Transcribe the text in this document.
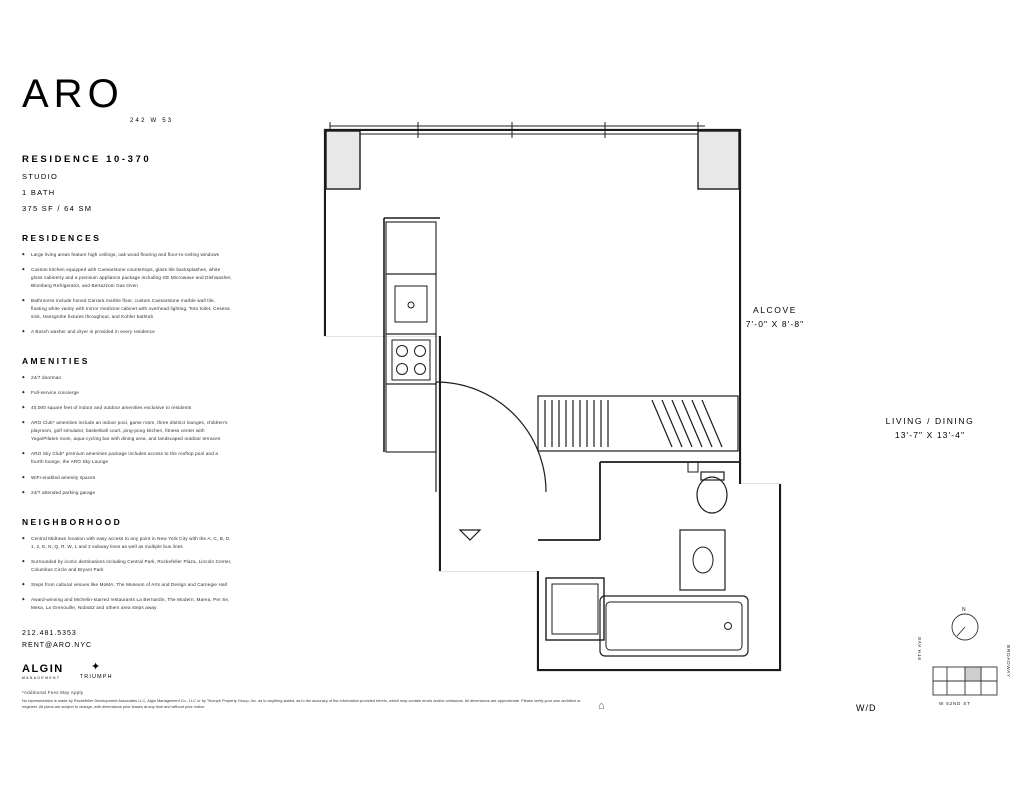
ARO
242 W 53
RESIDENCE 10-370
STUDIO
1 BATH
375 SF / 64 SM
RESIDENCES
◆ Large living areas feature high ceilings, oak wood flooring and floor-to-ceiling windows
◆ Custom kitchen equipped with Caesarstone countertops, glass tile backsplashes, white gloss cabinetry and a premium appliance package including GE Microwave and Dishwasher, Blomberg Refrigerator, and Bertazzoni Gas Oven
◆ Bathrooms include honed Carrara marble floor, custom Caesarstone marble wall tile, floating white vanity with mirror medicine cabinet with overhead lighting, Toto toilet, Cesena sink, Hansgrohe fixtures throughout, and Kohler bathtub
◆ A Bosch washer and dryer is provided in every residence
AMENITIES
◆ 24/7 doorman
◆ Full-service concierge
◆ 40,000 square feet of indoor and outdoor amenities exclusive to residents
◆ ARO Club* amenities include an indoor pool, game room, three distinct lounges, children's playroom, golf simulator, basketball court, ping-pong kitchen, fitness center with Yoga/Pilates room, aqua-cycling bar with dining area, and landscaped outdoor terraces
◆ ARO Sky Club* premium amenities package includes access to the rooftop pool and a fourth lounge, the ARO Sky Lounge
◆ WiFi-enabled amenity spaces
◆ 24/7 attended parking garage
NEIGHBORHOOD
◆ Central Midtown location with easy access to any point in New York City with the A, C, B, D, 1, 2, E, N, Q, R, W, 1 and 2 subway lines as well as multiple bus lines
◆ Surrounded by iconic destinations including Central Park, Rockefeller Plaza, Lincoln Center, Columbus Circle and Bryant Park
◆ Steps from cultural venues like MoMA, The Museum of Arts and Design and Carnegie Hall
◆ Award-winning and Michelin-starred restaurants La Bernardin, The Modern, Marea, Per Se, Mesa, La Grenouille, Nobu52 and others area steps away
212.481.5353
RENT@ARO.NYC
ALGIN
MANAGEMENT
✦
TRIUMPH
*Additional Fees May Apply
No representation is made by Rockefeller Development Associates LLC, Algin Management Co., LLC or by Triumph Property Group, Inc. as to anything stated, as to the accuracy of the information provided herein, which may contain errors and/or omissions. All dimensions are approximate. Please verify your own architect or engineer. All plans are subject to change, with dimensions prior leases at any time and without prior notice.	⌂
ALCOVE
7'-0" X 8'-8"
LIVING / DINING
13'-7" X 13'-4"
W/D
N
9TH AVE	BROADWAY
W 52ND ST
